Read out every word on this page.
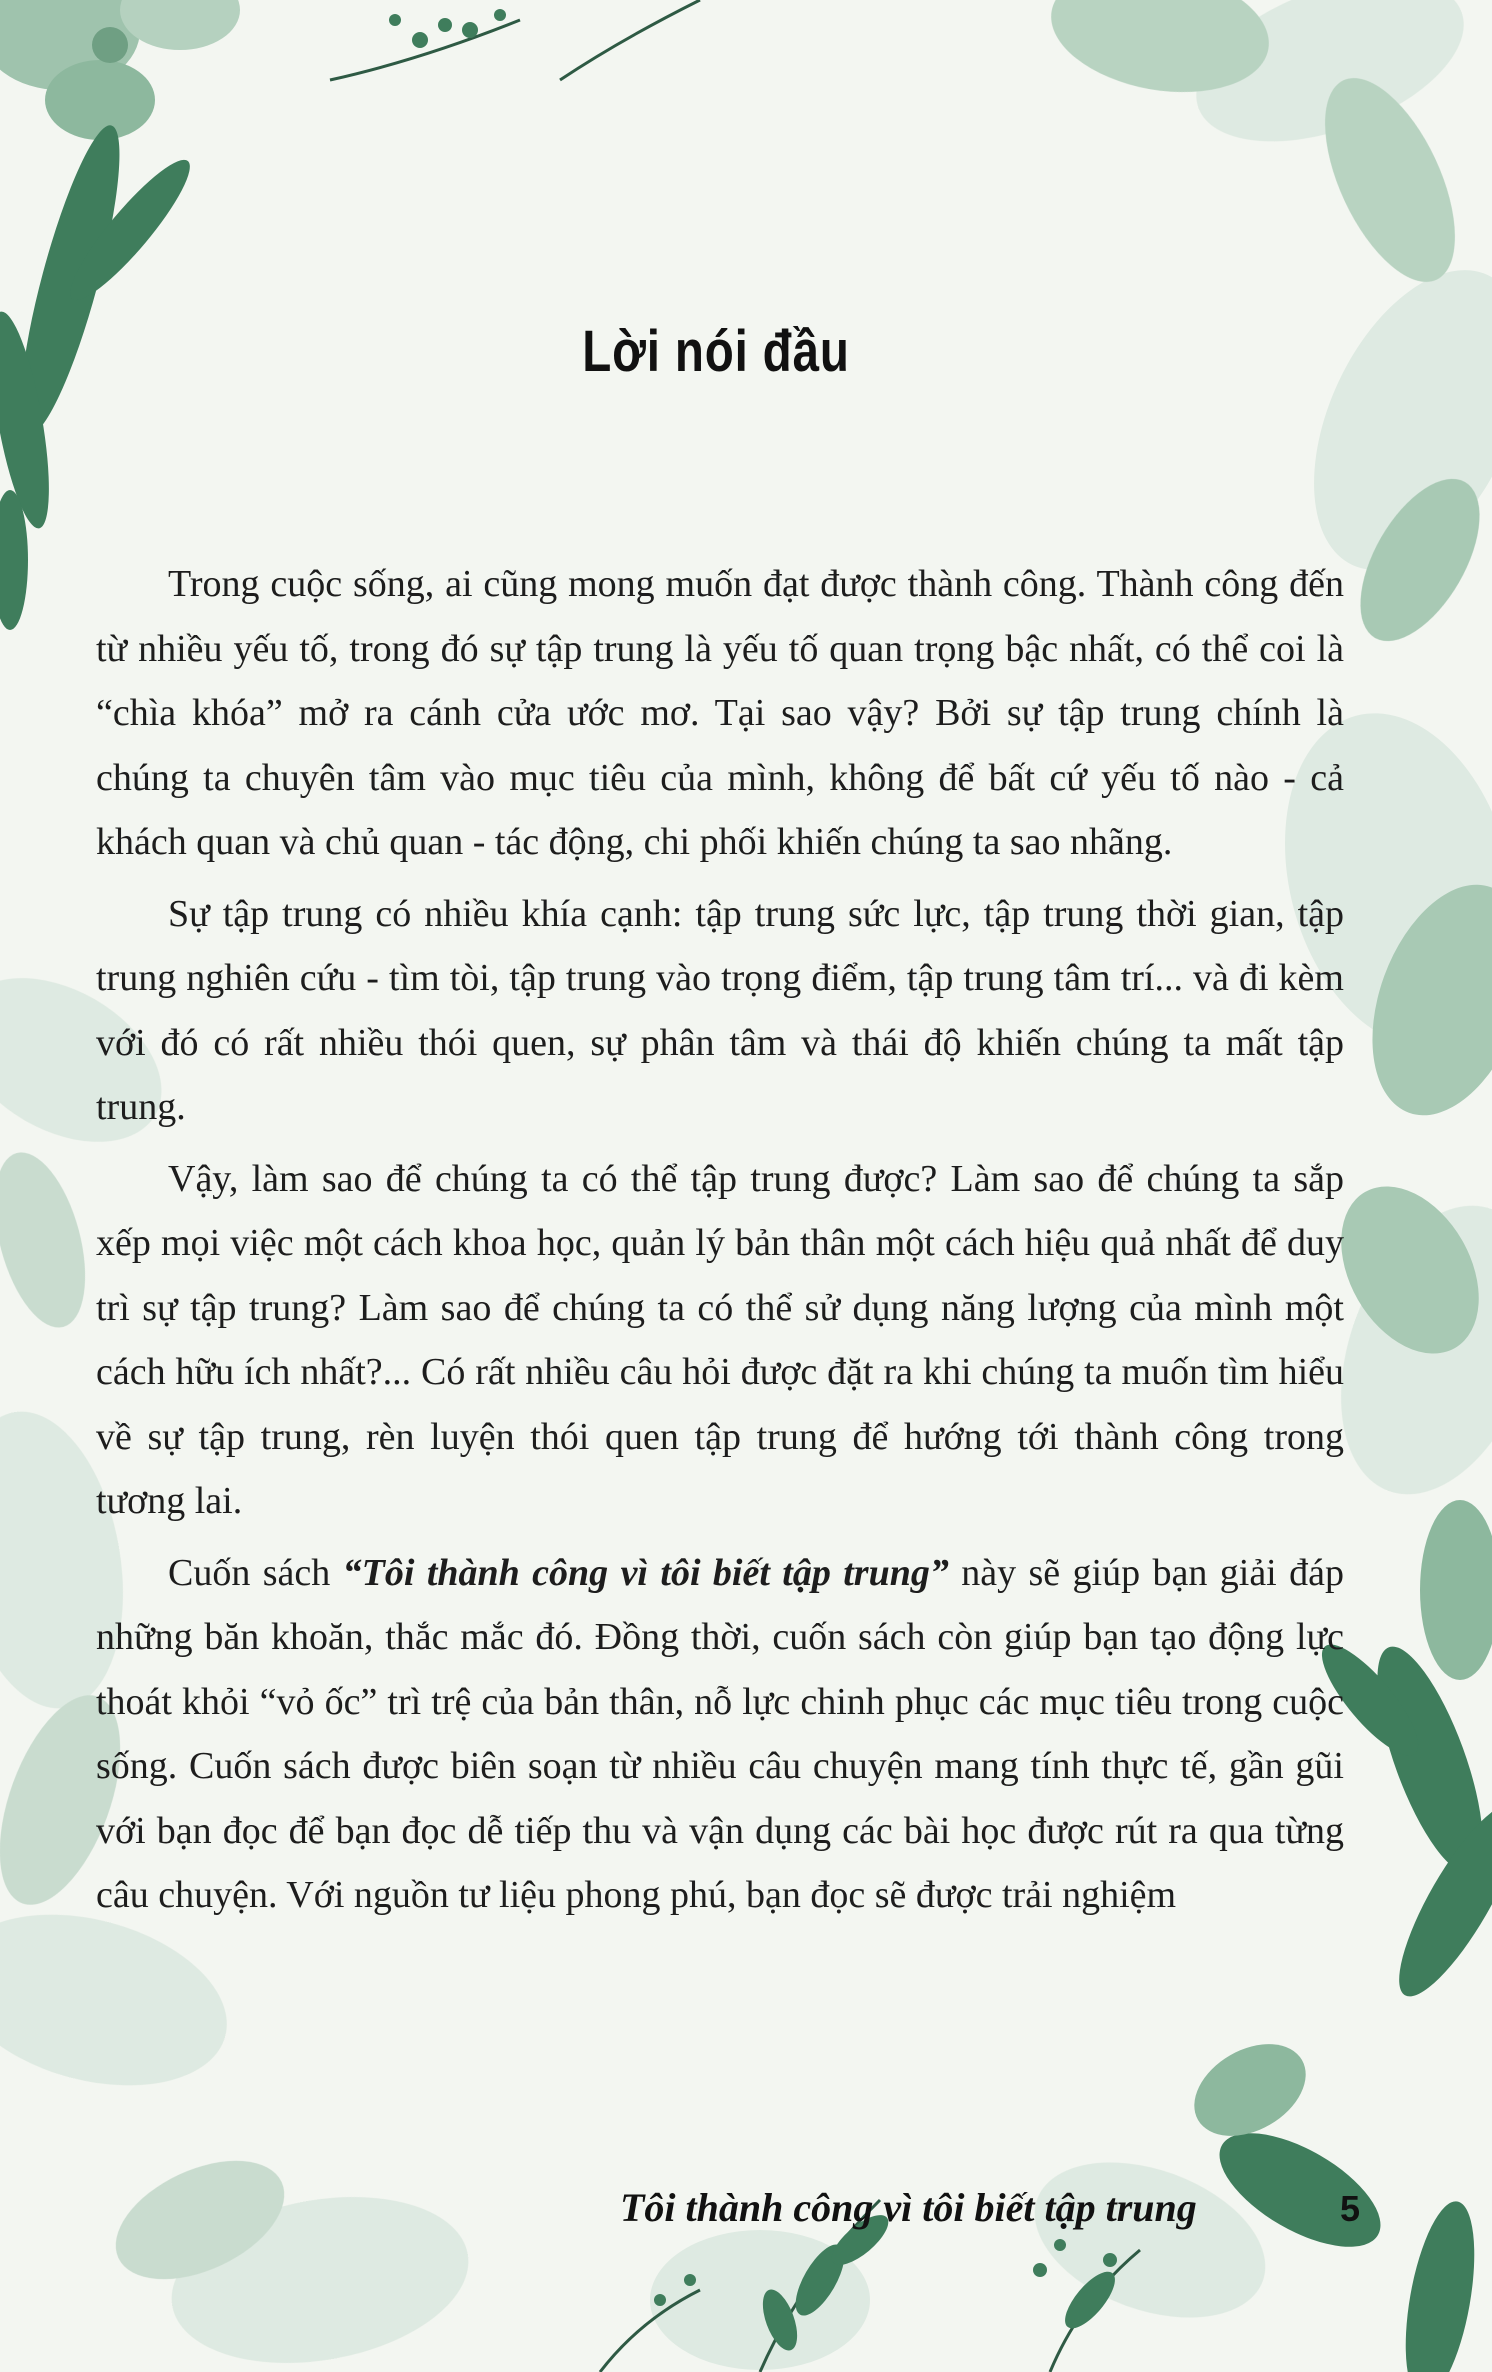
Lời nói đầu

Trong cuộc sống, ai cũng mong muốn đạt được thành công. Thành công đến từ nhiều yếu tố, trong đó sự tập trung là yếu tố quan trọng bậc nhất, có thể coi là “chìa khóa” mở ra cánh cửa ước mơ. Tại sao vậy? Bởi sự tập trung chính là chúng ta chuyên tâm vào mục tiêu của mình, không để bất cứ yếu tố nào - cả khách quan và chủ quan - tác động, chi phối khiến chúng ta sao nhãng.

Sự tập trung có nhiều khía cạnh: tập trung sức lực, tập trung thời gian, tập trung nghiên cứu - tìm tòi, tập trung vào trọng điểm, tập trung tâm trí... và đi kèm với đó có rất nhiều thói quen, sự phân tâm và thái độ khiến chúng ta mất tập trung.

Vậy, làm sao để chúng ta có thể tập trung được? Làm sao để chúng ta sắp xếp mọi việc một cách khoa học, quản lý bản thân một cách hiệu quả nhất để duy trì sự tập trung? Làm sao để chúng ta có thể sử dụng năng lượng của mình một cách hữu ích nhất?... Có rất nhiều câu hỏi được đặt ra khi chúng ta muốn tìm hiểu về sự tập trung, rèn luyện thói quen tập trung để hướng tới thành công trong tương lai.

Cuốn sách “Tôi thành công vì tôi biết tập trung” này sẽ giúp bạn giải đáp những băn khoăn, thắc mắc đó. Đồng thời, cuốn sách còn giúp bạn tạo động lực thoát khỏi “vỏ ốc” trì trệ của bản thân, nỗ lực chinh phục các mục tiêu trong cuộc sống. Cuốn sách được biên soạn từ nhiều câu chuyện mang tính thực tế, gần gũi với bạn đọc để bạn đọc dễ tiếp thu và vận dụng các bài học được rút ra qua từng câu chuyện. Với nguồn tư liệu phong phú, bạn đọc sẽ được trải nghiệm

Tôi thành công vì tôi biết tập trung	5
